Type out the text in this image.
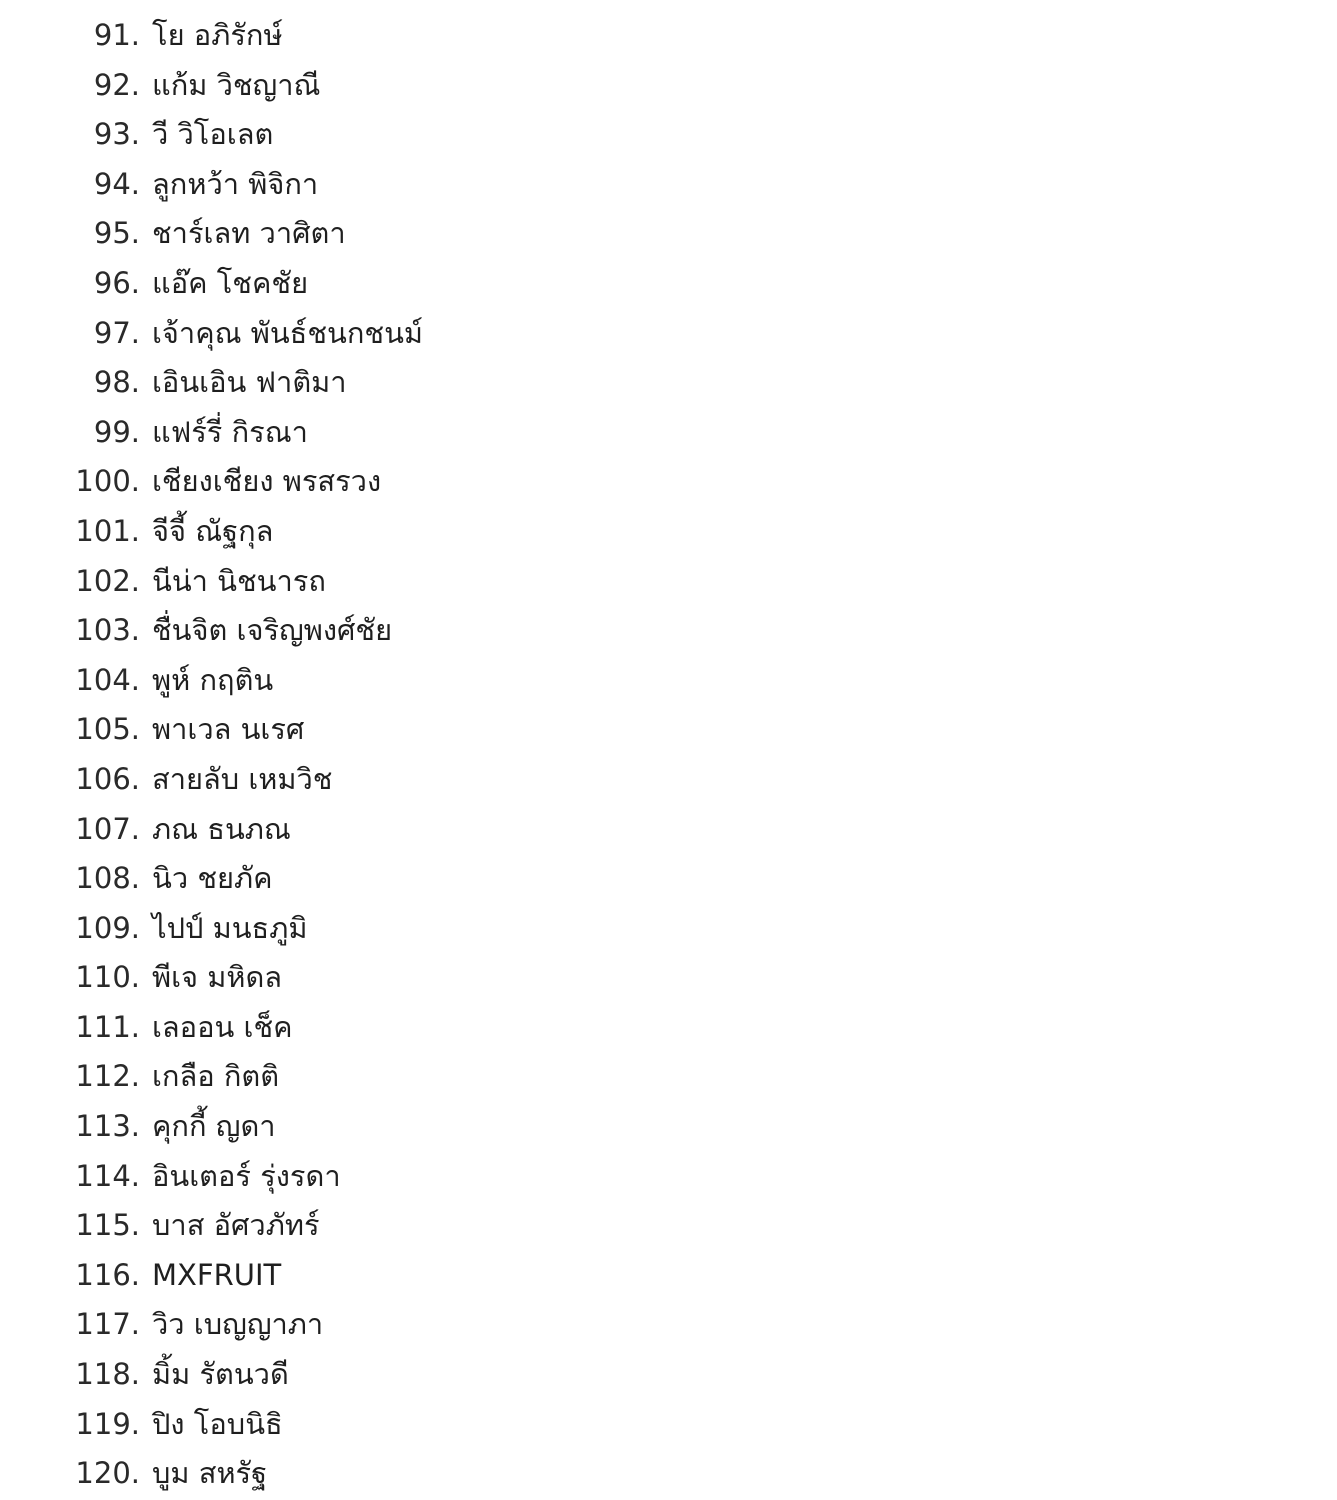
91. โย อภิรักษ์
92. แก้ม วิชญาณี
93. วี วิโอเลต
94. ลูกหว้า พิจิกา
95. ชาร์เลท วาศิตา
96. แอ๊ค โชคชัย
97. เจ้าคุณ พันธ์ชนกชนม์
98. เอินเอิน ฟาติมา
99. แฟร์รี่ กิรณา
100. เชียงเชียง พรสรวง
101. จีจี้ ณัฐกุล
102. นีน่า นิชนารถ
103. ชื่นจิต เจริญพงศ์ชัย
104. พูห์ กฤติน
105. พาเวล นเรศ
106. สายลับ เหมวิช
107. ภณ ธนภณ
108. นิว ชยภัค
109. ไปป์ มนธภูมิ
110. พีเจ มหิดล
111. เลออน เช็ค
112. เกลือ กิตติ
113. คุกกี้ ญดา
114. อินเตอร์ รุ่งรดา
115. บาส อัศวภัทร์
116. MXFRUIT
117. วิว เบญญาภา
118. มิ้ม รัตนวดี
119. ปิง โอบนิธิ
120. บูม สหรัฐ
